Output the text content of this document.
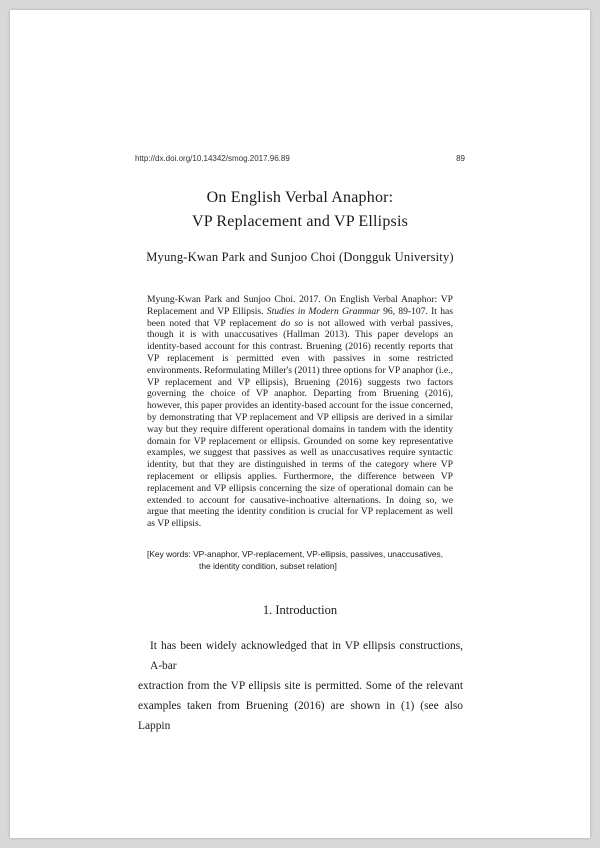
http://dx.doi.org/10.14342/smog.2017.96.89	89
On English Verbal Anaphor:
VP Replacement and VP Ellipsis
Myung-Kwan Park and Sunjoo Choi (Dongguk University)

Myung-Kwan Park and Sunjoo Choi. 2017. On English Verbal Anaphor: VP Replacement and VP Ellipsis. Studies in Modern Grammar 96, 89-107. It has been noted that VP replacement do so is not allowed with verbal passives, though it is with unaccusatives (Hallman 2013). This paper develops an identity-based account for this contrast. Bruening (2016) recently reports that VP replacement is permitted even with passives in some restricted environments. Reformulating Miller's (2011) three options for VP anaphor (i.e., VP replacement and VP ellipsis), Bruening (2016) suggests two factors governing the choice of VP anaphor. Departing from Bruening (2016), however, this paper provides an identity-based account for the issue concerned, by demonstrating that VP replacement and VP ellipsis are derived in a similar way but they require different operational domains in tandem with the identity domain for VP replacement or ellipsis. Grounded on some key representative examples, we suggest that passives as well as unaccusatives require syntactic identity, but that they are distinguished in terms of the category where VP replacement or ellipsis applies. Furthermore, the difference between VP replacement and VP ellipsis concerning the size of operational domain can be extended to account for causative-inchoative alternations. In doing so, we argue that meeting the identity condition is crucial for VP replacement as well as VP ellipsis.

[Key words: VP-anaphor, VP-replacement, VP-ellipsis, passives, unaccusatives,
the identity condition, subset relation]
1. Introduction
It has been widely acknowledged that in VP ellipsis constructions, A-bar
extraction from the VP ellipsis site is permitted. Some of the relevant
examples taken from Bruening (2016) are shown in (1) (see also Lappin
